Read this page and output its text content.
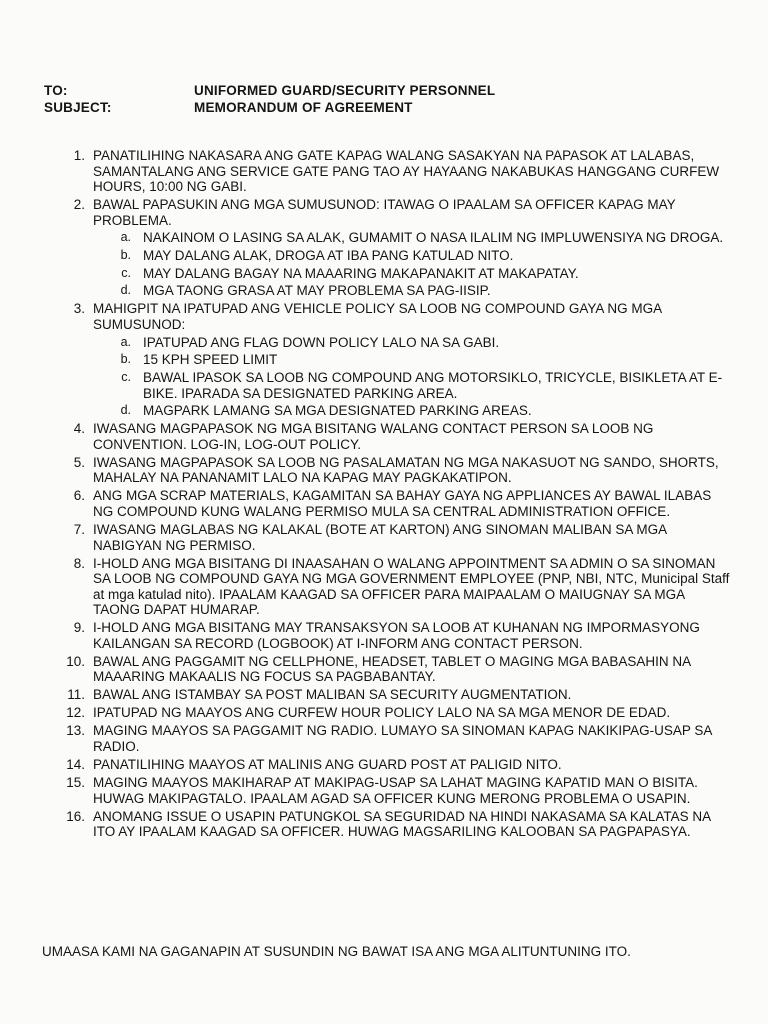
TO:	UNIFORMED GUARD/SECURITY PERSONNEL
SUBJECT:	MEMORANDUM OF AGREEMENT
1. PANATILIHING NAKASARA ANG GATE KAPAG WALANG SASAKYAN NA PAPASOK AT LALABAS, SAMANTALANG ANG SERVICE GATE PANG TAO AY HAYAANG NAKABUKAS HANGGANG CURFEW HOURS, 10:00 NG GABI.
2. BAWAL PAPASUKIN ANG MGA SUMUSUNOD: ITAWAG O IPAALAM SA OFFICER KAPAG MAY PROBLEMA.
a. NAKAINOM O LASING SA ALAK, GUMAMIT O NASA ILALIM NG IMPLUWENSIYA NG DROGA.
b. MAY DALANG ALAK, DROGA AT IBA PANG KATULAD NITO.
c. MAY DALANG BAGAY NA MAAARING MAKAPANAKIT AT MAKAPATAY.
d. MGA TAONG GRASA AT MAY PROBLEMA SA PAG-IISIP.
3. MAHIGPIT NA IPATUPAD ANG VEHICLE POLICY SA LOOB NG COMPOUND GAYA NG MGA SUMUSUNOD:
a. IPATUPAD ANG FLAG DOWN POLICY LALO NA SA GABI.
b. 15 KPH SPEED LIMIT
c. BAWAL IPASOK SA LOOB NG COMPOUND ANG MOTORSIKLO, TRICYCLE, BISIKLETA AT E-BIKE. IPARADA SA DESIGNATED PARKING AREA.
d. MAGPARK LAMANG SA MGA DESIGNATED PARKING AREAS.
4. IWASANG MAGPAPASOK NG MGA BISITANG WALANG CONTACT PERSON SA LOOB NG CONVENTION. LOG-IN, LOG-OUT POLICY.
5. IWASANG MAGPAPASOK SA LOOB NG PASALAMATAN NG MGA NAKASUOT NG SANDO, SHORTS, MAHALAY NA PANANAMIT LALO NA KAPAG MAY PAGKAKATIPON.
6. ANG MGA SCRAP MATERIALS, KAGAMITAN SA BAHAY GAYA NG APPLIANCES AY BAWAL ILABAS NG COMPOUND KUNG WALANG PERMISO MULA SA CENTRAL ADMINISTRATION OFFICE.
7. IWASANG MAGLABAS NG KALAKAL (BOTE AT KARTON) ANG SINOMAN MALIBAN SA MGA NABIGYAN NG PERMISO.
8. I-HOLD ANG MGA BISITANG DI INAASAHAN O WALANG APPOINTMENT SA ADMIN O SA SINOMAN SA LOOB NG COMPOUND GAYA NG MGA GOVERNMENT EMPLOYEE (PNP, NBI, NTC, Municipal Staff at mga katulad nito). IPAALAM KAAGAD SA OFFICER PARA MAIPAALAM O MAIUGNAY SA MGA TAONG DAPAT HUMARAP.
9. I-HOLD ANG MGA BISITANG MAY TRANSAKSYON SA LOOB AT KUHANAN NG IMPORMASYONG KAILANGAN SA RECORD (LOGBOOK) AT I-INFORM ANG CONTACT PERSON.
10. BAWAL ANG PAGGAMIT NG CELLPHONE, HEADSET, TABLET O MAGING MGA BABASAHIN NA MAAARING MAKAALIS NG FOCUS SA PAGBABANTAY.
11. BAWAL ANG ISTAMBAY SA POST MALIBAN SA SECURITY AUGMENTATION.
12. IPATUPAD NG MAAYOS ANG CURFEW HOUR POLICY LALO NA SA MGA MENOR DE EDAD.
13. MAGING MAAYOS SA PAGGAMIT NG RADIO. LUMAYO SA SINOMAN KAPAG NAKIKIPAG-USAP SA RADIO.
14. PANATILIHING MAAYOS AT MALINIS ANG GUARD POST AT PALIGID NITO.
15. MAGING MAAYOS MAKIHARAP AT MAKIPAG-USAP SA LAHAT MAGING KAPATID MAN O BISITA. HUWAG MAKIPAGTALO. IPAALAM AGAD SA OFFICER KUNG MERONG PROBLEMA O USAPIN.
16. ANOMANG ISSUE O USAPIN PATUNGKOL SA SEGURIDAD NA HINDI NAKASAMA SA KALATAS NA ITO AY IPAALAM KAAGAD SA OFFICER. HUWAG MAGSARILING KALOOBAN SA PAGPAPASYA.
UMAASA KAMI NA GAGANAPIN AT SUSUNDIN NG BAWAT ISA ANG MGA ALITUNTUNING ITO.
